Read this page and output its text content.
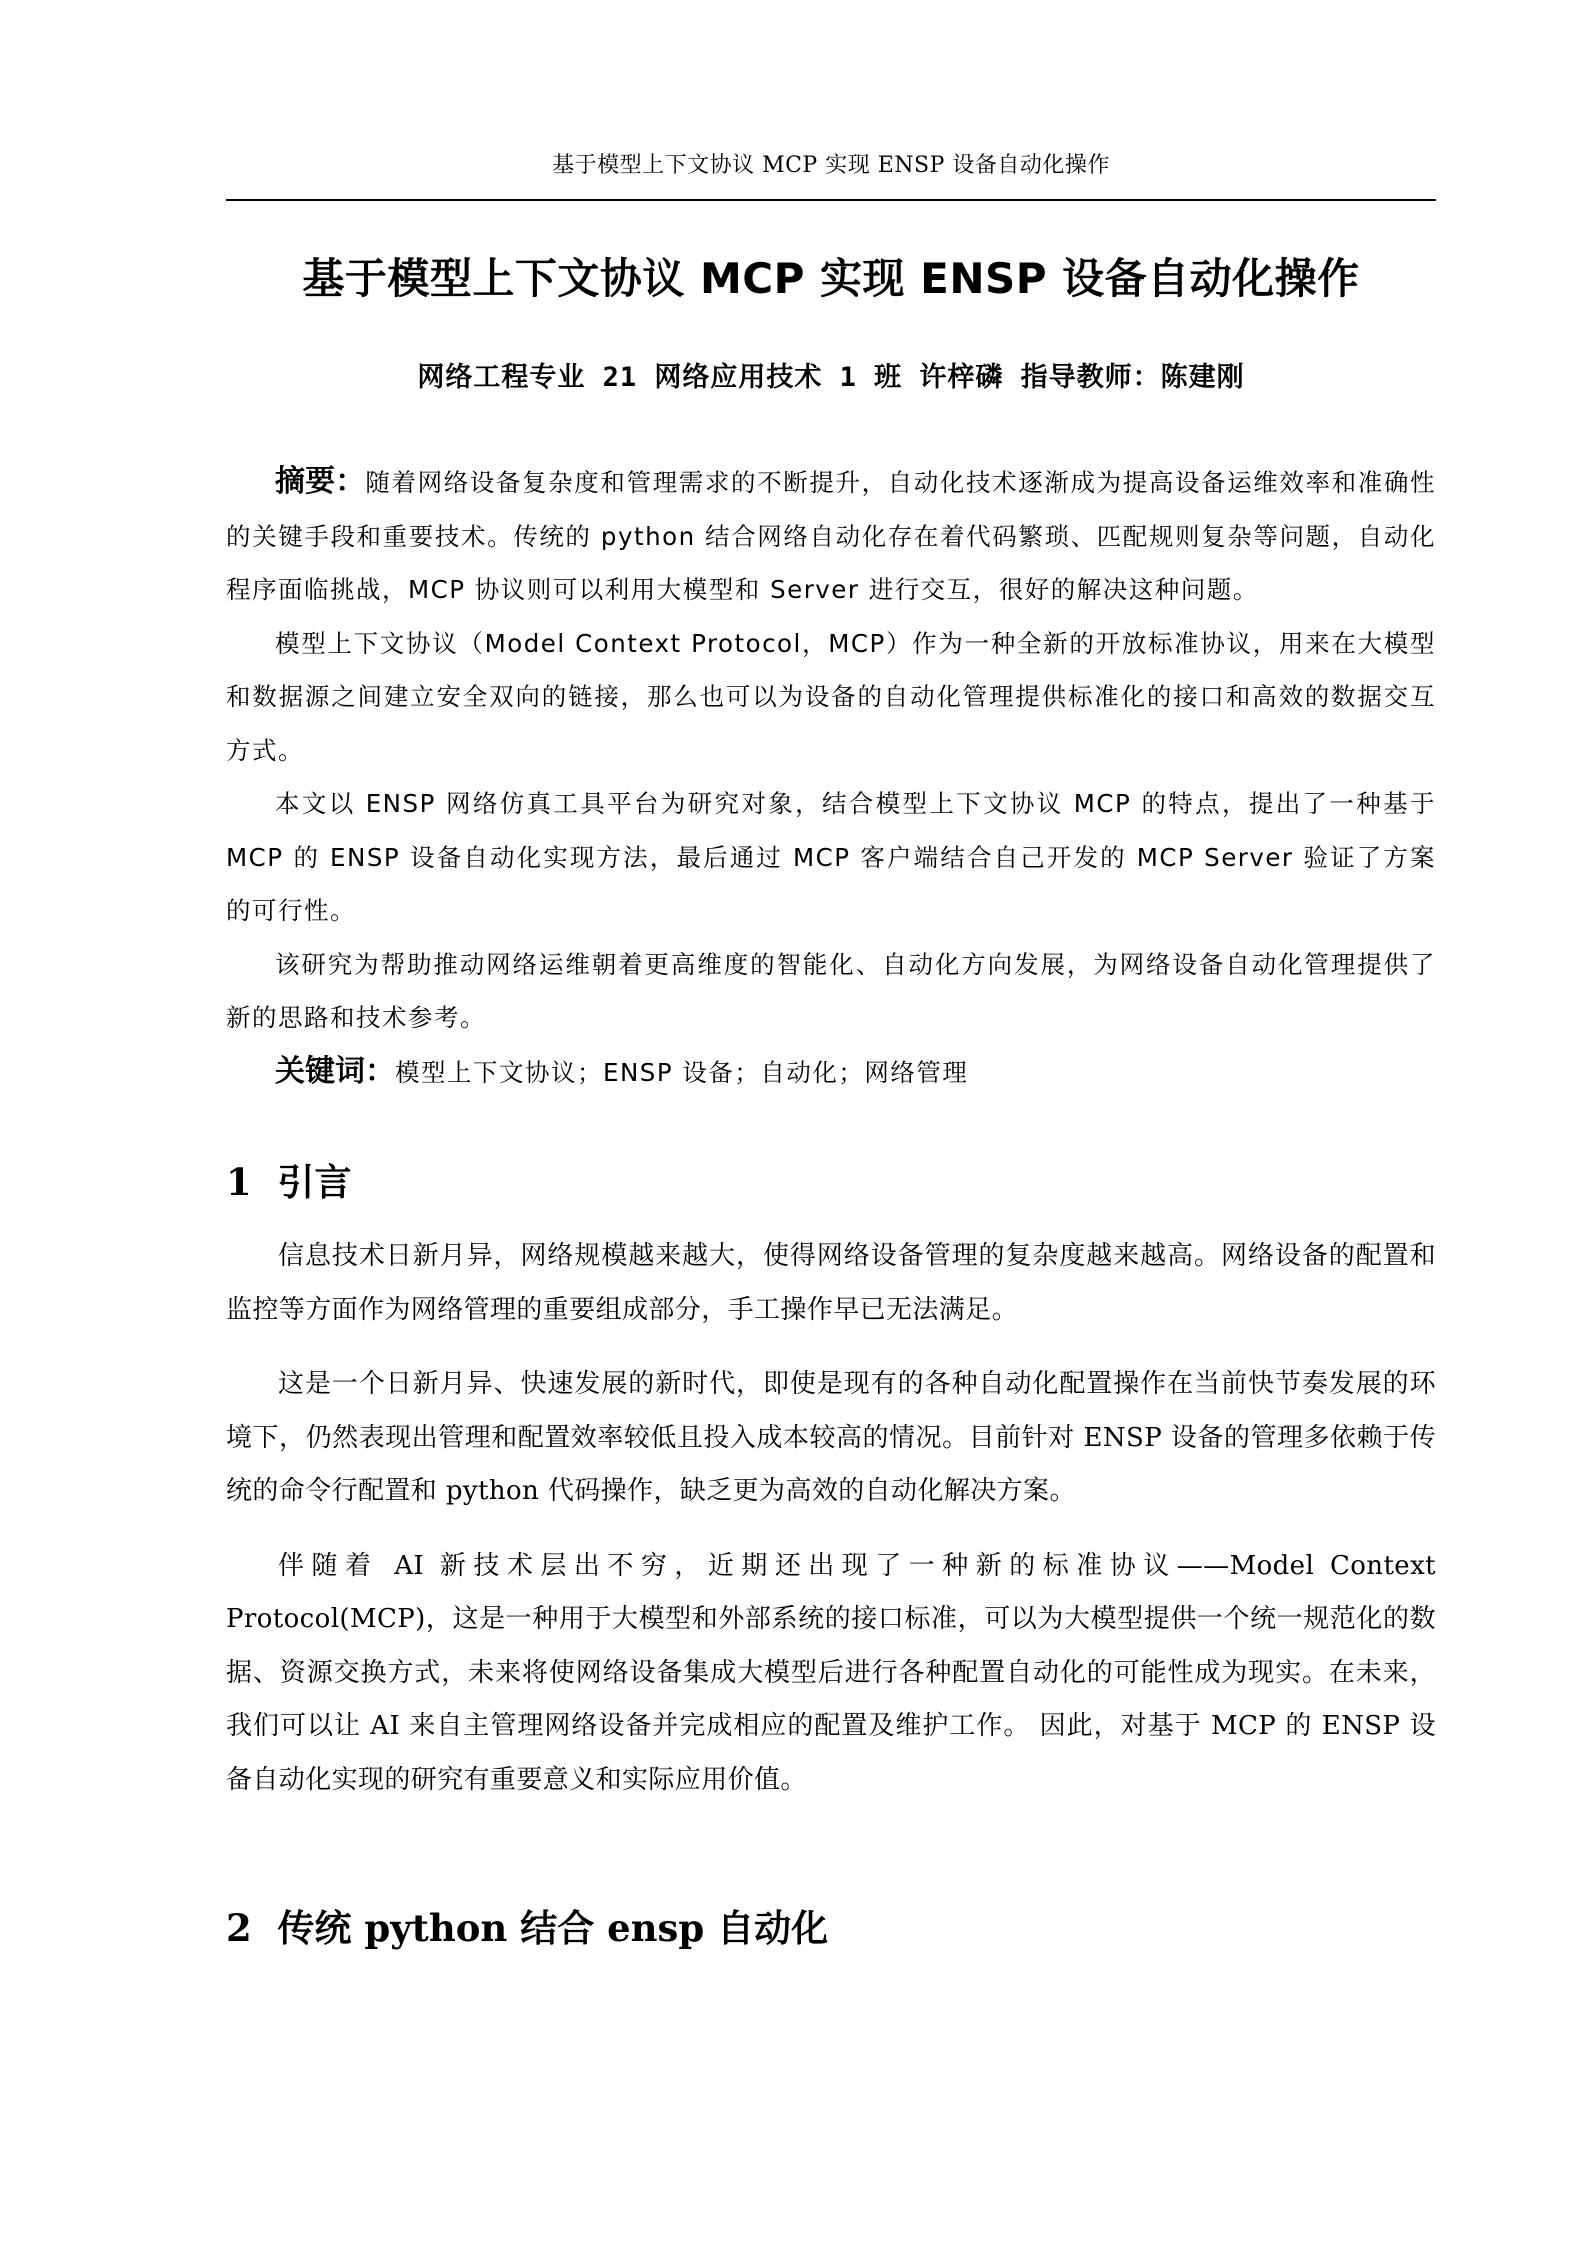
基于模型上下文协议 MCP 实现 ENSP 设备自动化操作
基于模型上下文协议 MCP 实现 ENSP 设备自动化操作
网络工程专业 21 网络应用技术 1 班 许梓磷 指导教师：陈建刚

摘要：随着网络设备复杂度和管理需求的不断提升，自动化技术逐渐成为提高设备运维效率和准确性的关键手段和重要技术。传统的 python 结合网络自动化存在着代码繁琐、匹配规则复杂等问题，自动化程序面临挑战，MCP 协议则可以利用大模型和 Server 进行交互，很好的解决这种问题。

模型上下文协议（Model Context Protocol，MCP）作为一种全新的开放标准协议，用来在大模型和数据源之间建立安全双向的链接，那么也可以为设备的自动化管理提供标准化的接口和高效的数据交互方式。

本文以 ENSP 网络仿真工具平台为研究对象，结合模型上下文协议 MCP 的特点，提出了一种基于 MCP 的 ENSP 设备自动化实现方法，最后通过 MCP 客户端结合自己开发的 MCP Server 验证了方案的可行性。

该研究为帮助推动网络运维朝着更高维度的智能化、自动化方向发展，为网络设备自动化管理提供了新的思路和技术参考。

关键词：模型上下文协议；ENSP 设备；自动化；网络管理

1 引言

信息技术日新月异，网络规模越来越大，使得网络设备管理的复杂度越来越高。网络设备的配置和监控等方面作为网络管理的重要组成部分，手工操作早已无法满足。

这是一个日新月异、快速发展的新时代，即使是现有的各种自动化配置操作在当前快节奏发展的环境下，仍然表现出管理和配置效率较低且投入成本较高的情况。目前针对 ENSP 设备的管理多依赖于传统的命令行配置和 python 代码操作，缺乏更为高效的自动化解决方案。

伴随着 AI 新技术层出不穷，近期还出现了一种新的标准协议——Model Context Protocol(MCP)，这是一种用于大模型和外部系统的接口标准，可以为大模型提供一个统一规范化的数据、资源交换方式，未来将使网络设备集成大模型后进行各种配置自动化的可能性成为现实。在未来，我们可以让 AI 来自主管理网络设备并完成相应的配置及维护工作。 因此，对基于 MCP 的 ENSP 设备自动化实现的研究有重要意义和实际应用价值。

2 传统 python 结合 ensp 自动化
